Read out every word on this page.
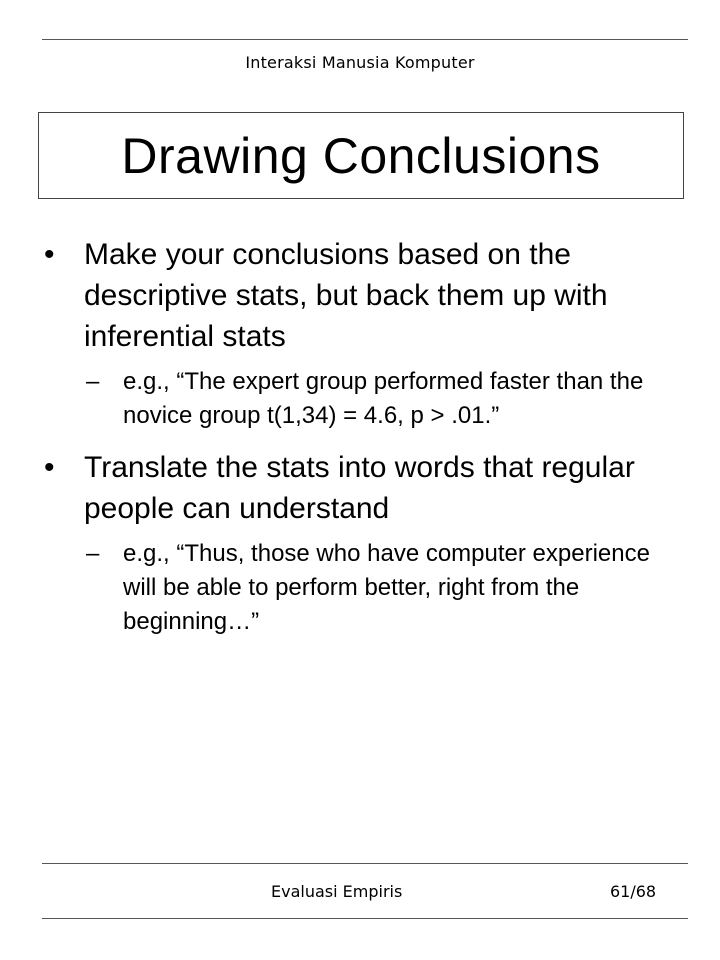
Interaksi Manusia Komputer
Drawing Conclusions
• Make your conclusions based on the descriptive stats, but back them up with inferential stats
– e.g., “The expert group performed faster than the novice group t(1,34) = 4.6, p > .01.”
• Translate the stats into words that regular people can understand
– e.g., “Thus, those who have computer experience will be able to perform better, right from the beginning…”
Evaluasi Empiris	61/68
